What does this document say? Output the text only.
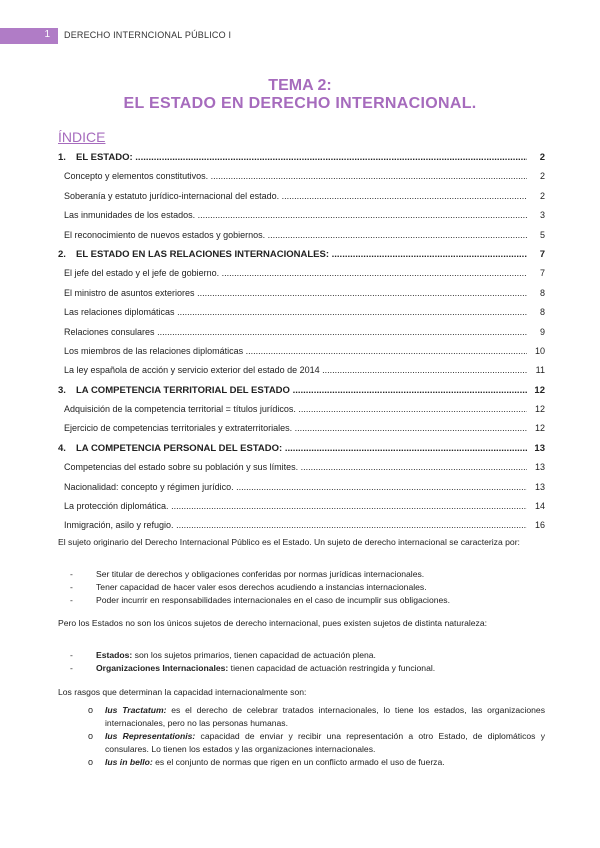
1 DERECHO INTERNCIONAL PÚBLICO I
TEMA 2:
EL ESTADO EN DERECHO INTERNACIONAL.
ÍNDICE
1. EL ESTADO: .....	2
Concepto y elementos constitutivos. .....	2
Soberanía y estatuto jurídico-internacional del estado. .....	2
Las inmunidades de los estados. .....	3
El reconocimiento de nuevos estados y gobiernos. .....	5
2. EL ESTADO EN LAS RELACIONES INTERNACIONALES: .....	7
El jefe del estado y el jefe de gobierno. .....	7
El ministro de asuntos exteriores .....	8
Las relaciones diplomáticas .....	8
Relaciones consulares .....	9
Los miembros de las relaciones diplomáticas .....	10
La ley española de acción y servicio exterior del estado de 2014 .....	11
3. LA COMPETENCIA TERRITORIAL DEL ESTADO .....	12
Adquisición de la competencia territorial = títulos jurídicos. .....	12
Ejercicio de competencias territoriales y extraterritoriales. .....	12
4. LA COMPETENCIA PERSONAL DEL ESTADO: .....	13
Competencias del estado sobre su población y sus límites. .....	13
Nacionalidad: concepto y régimen jurídico. .....	13
La protección diplomática. .....	14
Inmigración, asilo y refugio. .....	16
El sujeto originario del Derecho Internacional Público es el Estado. Un sujeto de derecho internacional se caracteriza por:
-	Ser titular de derechos y obligaciones conferidas por normas jurídicas internacionales.
-	Tener capacidad de hacer valer esos derechos acudiendo a instancias internacionales.
-	Poder incurrir en responsabilidades internacionales en el caso de incumplir sus obligaciones.
Pero los Estados no son los únicos sujetos de derecho internacional, pues existen sujetos de distinta naturaleza:
-	Estados: son los sujetos primarios, tienen capacidad de actuación plena.
-	Organizaciones Internacionales: tienen capacidad de actuación restringida y funcional.
Los rasgos que determinan la capacidad internacionalmente son:
o Ius Tractatum: es el derecho de celebrar tratados internacionales, lo tiene los estados, las organizaciones internacionales, pero no las personas humanas.
o Ius Representationis: capacidad de enviar y recibir una representación a otro Estado, de diplomáticos y consulares. Lo tienen los estados y las organizaciones internacionales.
o Ius in bello: es el conjunto de normas que rigen en un conflicto armado el uso de fuerza.
